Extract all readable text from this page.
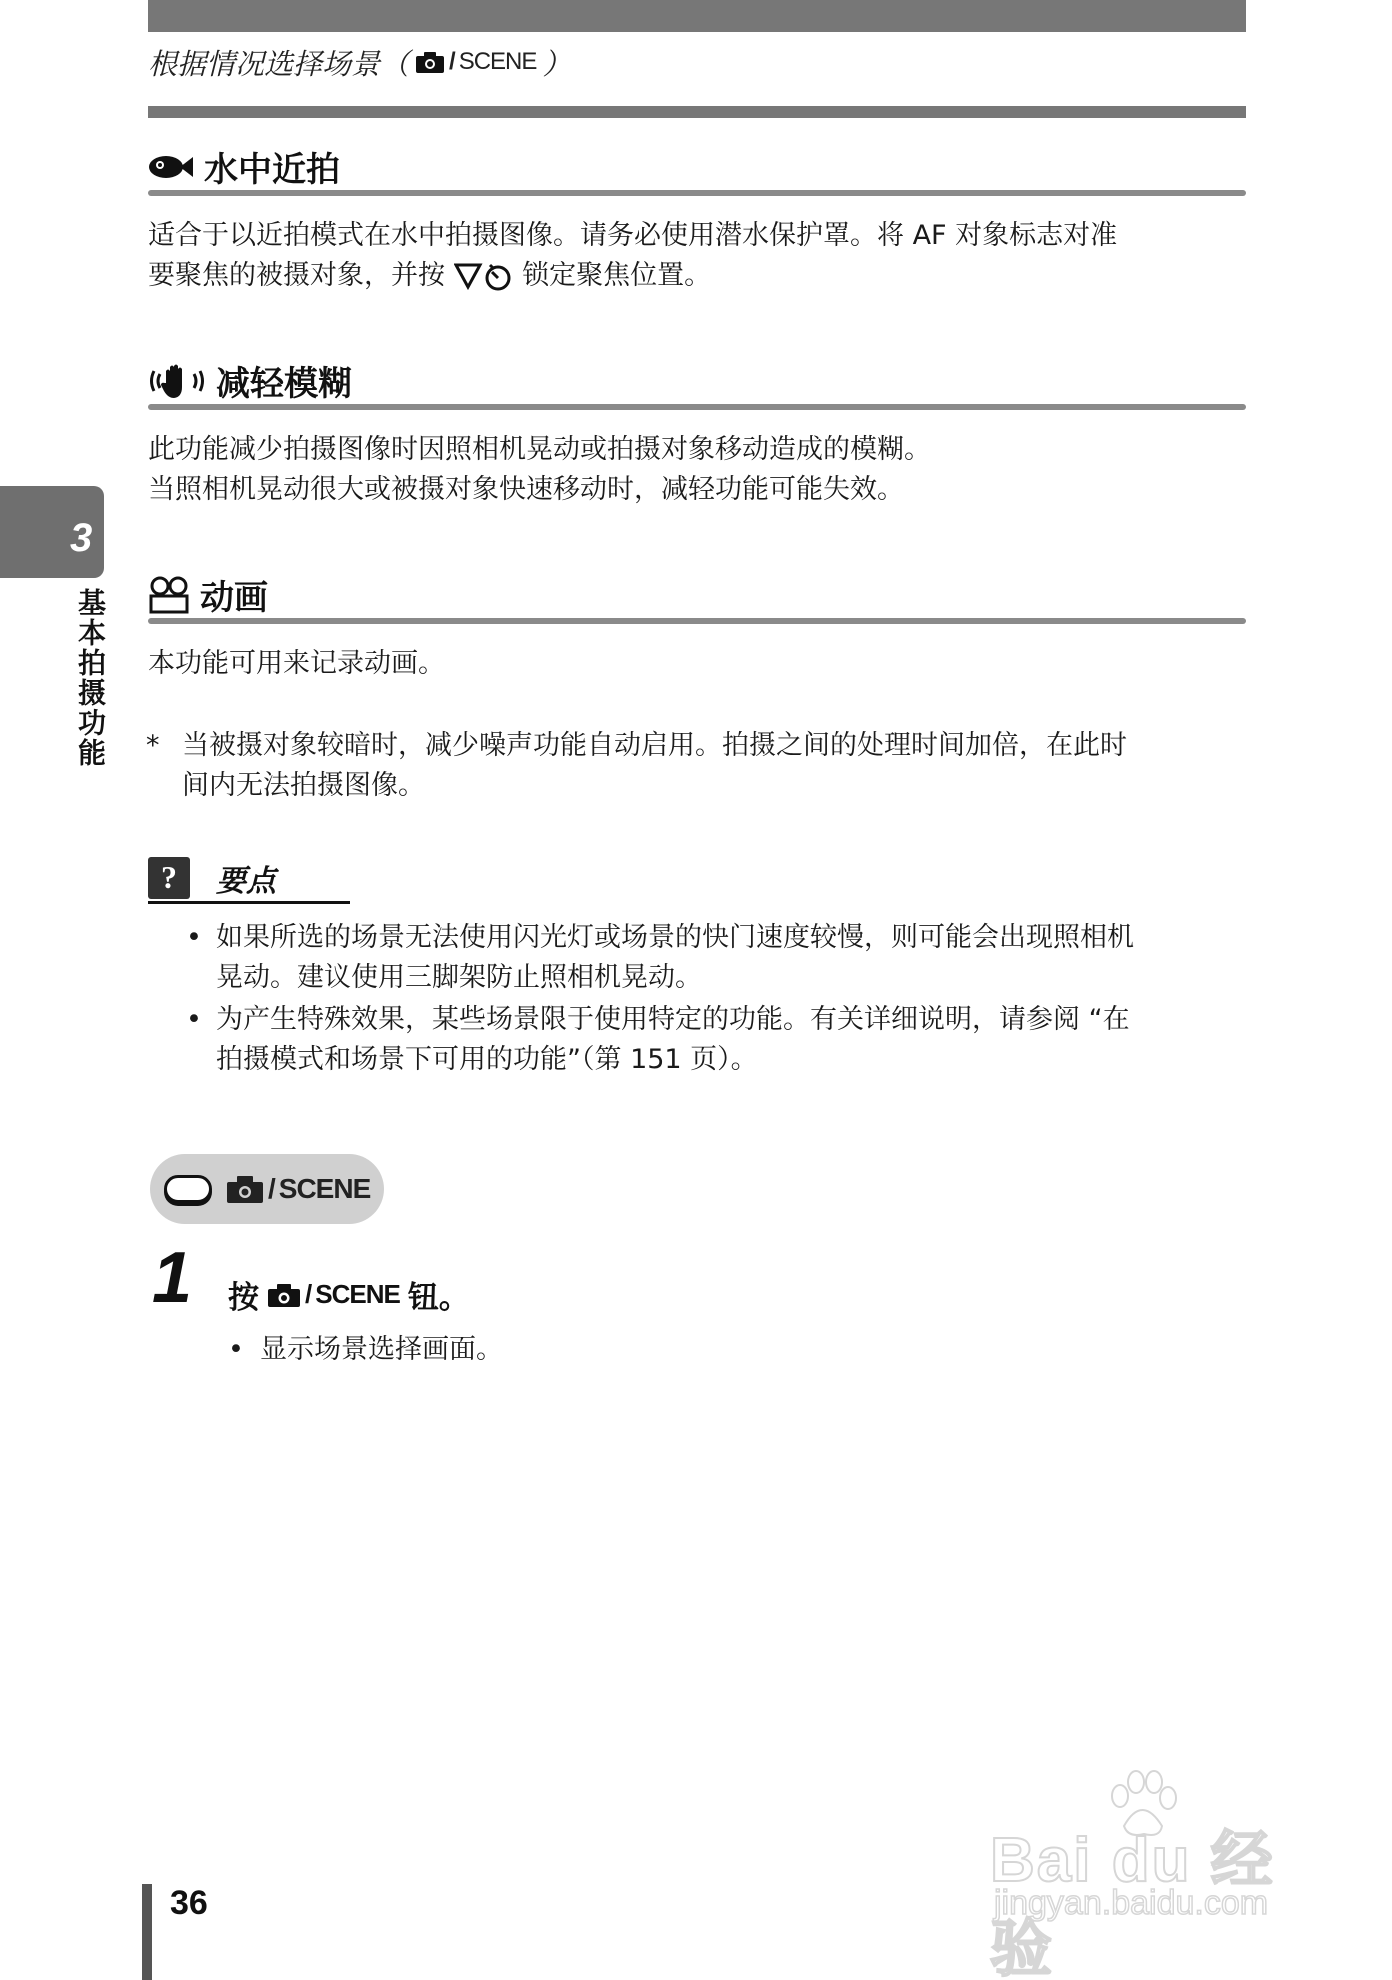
根据情况选择场景（ / SCENE ）
水中近拍
适合于以近拍模式在水中拍摄图像。请务必使用潜水保护罩。将 AF 对象标志对准
要聚焦的被摄对象，并按
锁定聚焦位置。
减轻模糊
此功能减少拍摄图像时因照相机晃动或拍摄对象移动造成的模糊。
当照相机晃动很大或被摄对象快速移动时，减轻功能可能失效。
3
基本拍摄功能	动画
本功能可用来记录动画。
* 当被摄对象较暗时，减少噪声功能自动启用。拍摄之间的处理时间加倍，在此时
间内无法拍摄图像。
?	要点
• 如果所选的场景无法使用闪光灯或场景的快门速度较慢，则可能会出现照相机
晃动。建议使用三脚架防止照相机晃动。
• 为产生特殊效果，某些场景限于使用特定的功能。有关详细说明，请参阅 “在
拍摄模式和场景下可用的功能”（第 151 页）。
/ SCENE
1 按 / SCENE 钮。
• 显示场景选择画面。
36
Bai du 经验
jingyan.baidu.com
